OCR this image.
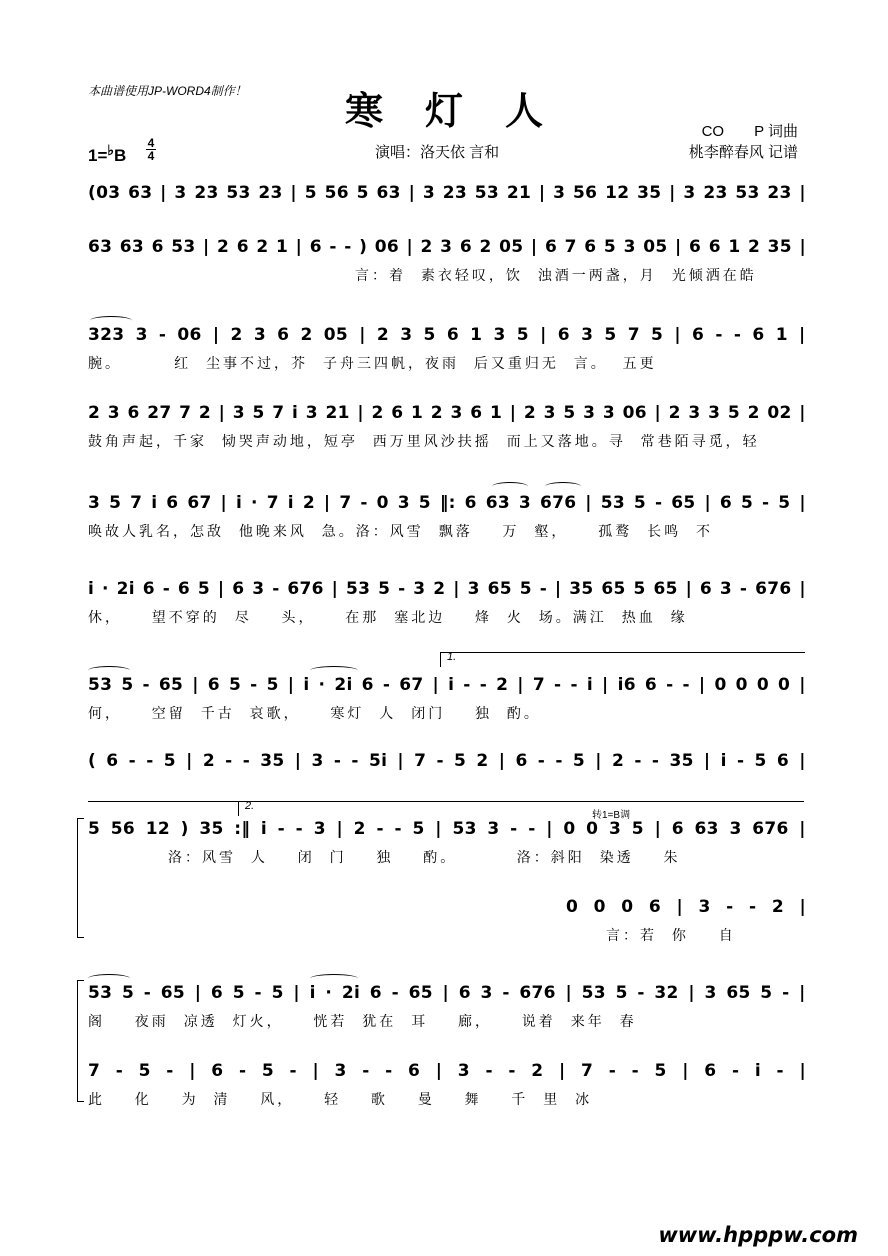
本曲谱使用JP-WORD4制作！	寒灯人	CO　　P 词曲
桃李醉春风 记谱
演唱：洛天依 言和
1=♭B
4
4
(03 63 | 3 23 53 23 | 5 56 5 63 | 3 23 53 21 | 3 56 12 35 | 3 23 53 23 |
63 63 6 53 | 2 6 2 1 | 6 - - ) 06 | 2 3 6 2 05 | 6 7 6 5 3 05 | 6 6 1 2 35 |
言：着  素衣轻叹，饮  浊酒一两盏，月  光倾洒在皓
323 3 - 06 | 2 3 6 2 05 | 2 3 5 6 1 3 5 | 6 3 5 7 5 | 6 - - 6 1 |
腕。       红  尘事不过，芥  子舟三四帆，夜雨  后又重归无  言。  五更
2 3 6 27 7 2 | 3 5 7 i 3 21 | 2 6 1 2 3 6 1 | 2 3 5 3 3 06 | 2 3 3 5 2 02 |
鼓角声起，千家  恸哭声动地，短亭  西万里风沙扶摇  而上又落地。寻  常巷陌寻觅，轻
3 5 7 i 6 67 | i · 7 i 2 | 7 - 0 3 5 ‖: 6 63 3 676 | 53 5 - 65 | 6 5 - 5 |
唤故人乳名，怎敌  他晚来风  急。洛：风雪  飘落    万  壑，    孤鹜  长鸣  不
i · 2i 6 - 6 5 | 6 3 - 676 | 53 5 - 3 2 | 3 65 5 - | 35 65 5 65 | 6 3 - 676 |
休，    望不穿的  尽    头，    在那  塞北边    烽  火  场。满江  热血  缘
1.
53 5 - 65 | 6 5 - 5 | i · 2i 6 - 67 | i - - 2 | 7 - - i | i6 6 - - | 0 0 0 0 |
何，    空留  千古  哀歌，    寒灯  人  闭门    独  酌。
( 6 - - 5 | 2 - - 35 | 3 - - 5i | 7 - 5 2 | 6 - - 5 | 2 - - 35 | i - 5 6 |
2.
转1=B调
5 56 12 ) 35 :‖ i - - 3 | 2 - - 5 | 53 3 - - | 0 0 3 5 | 6 63 3 676 |
洛：风雪  人    闭  门    独    酌。        洛：斜阳  染透    朱
0 0 0 6 | 3 - - 2 |
言：若  你    自
53 5 - 65 | 6 5 - 5 | i · 2i 6 - 65 | 6 3 - 676 | 53 5 - 32 | 3 65 5 - |
阁    夜雨  凉透  灯火，    恍若  犹在  耳    廊，    说着  来年  春
7 - 5 - | 6 - 5 - | 3 - - 6 | 3 - - 2 | 7 - - 5 | 6 - i - |
此    化    为  清    风，    轻    歌    曼    舞    千  里  冰
www.hpppw.com
